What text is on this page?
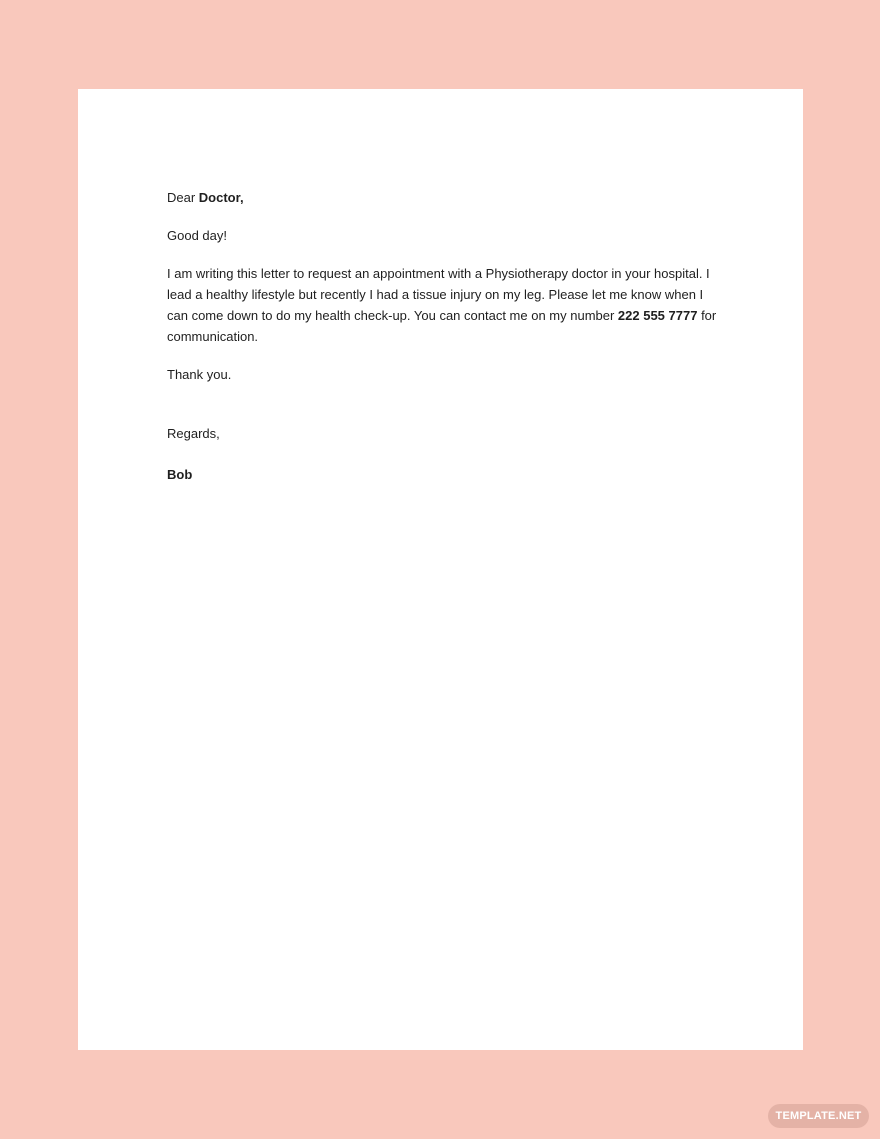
Dear Doctor,

Good day!

I am writing this letter to request an appointment with a Physiotherapy doctor in your hospital. I lead a healthy lifestyle but recently I had a tissue injury on my leg. Please let me know when I can come down to do my health check-up. You can contact me on my number 222 555 7777 for communication.

Thank you.

Regards,

Bob

TEMPLATE.NET
